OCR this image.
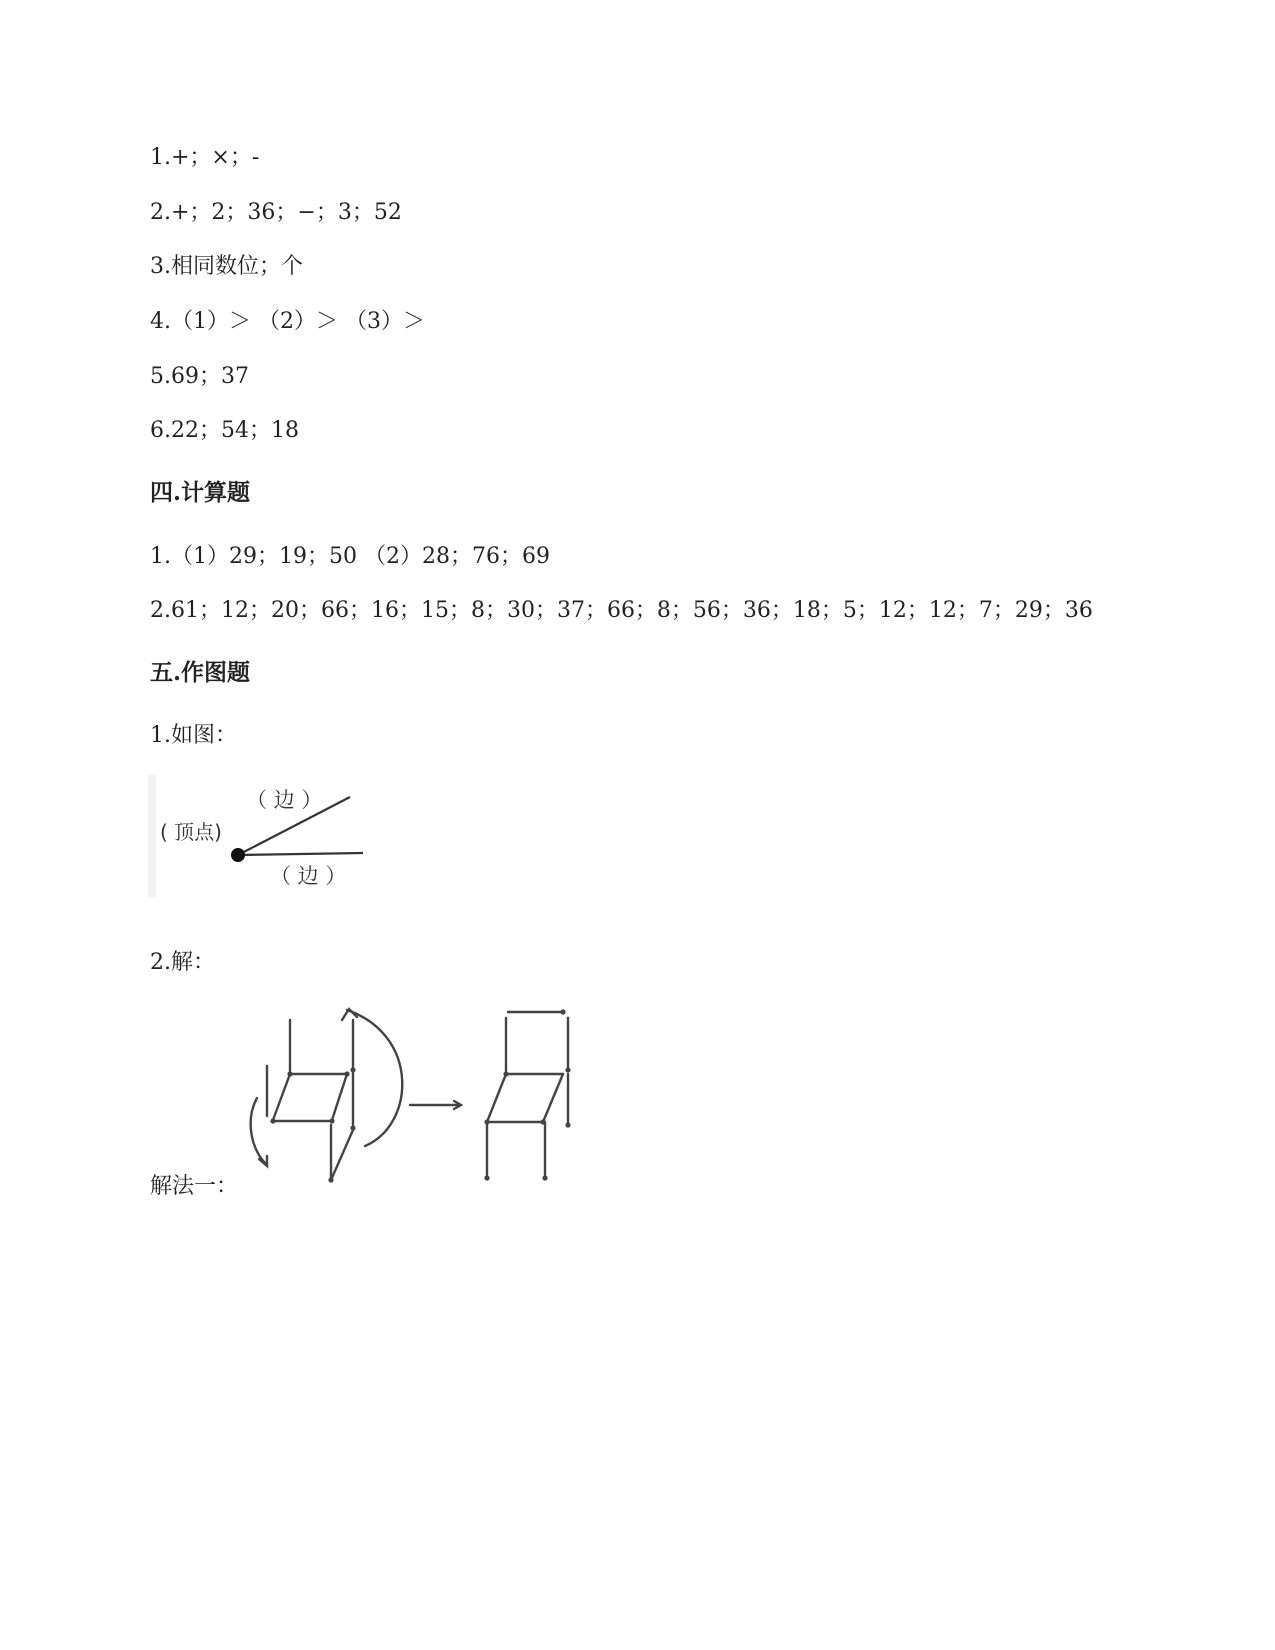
1.+；×；-
2.+；2；36；−；3；52
3.相同数位；个
4.（1）＞ （2）＞ （3）＞
5.69；37
6.22；54；18
四.计算题
1.（1）29；19；50 （2）28；76；69
2.61；12；20；66；16；15；8；30；37；66；8；56；36；18；5；12；12；7；29；36
五.作图题
1.如图：
（ 边 ）
( 顶点)
（ 边 ）
2.解：
解法一：
